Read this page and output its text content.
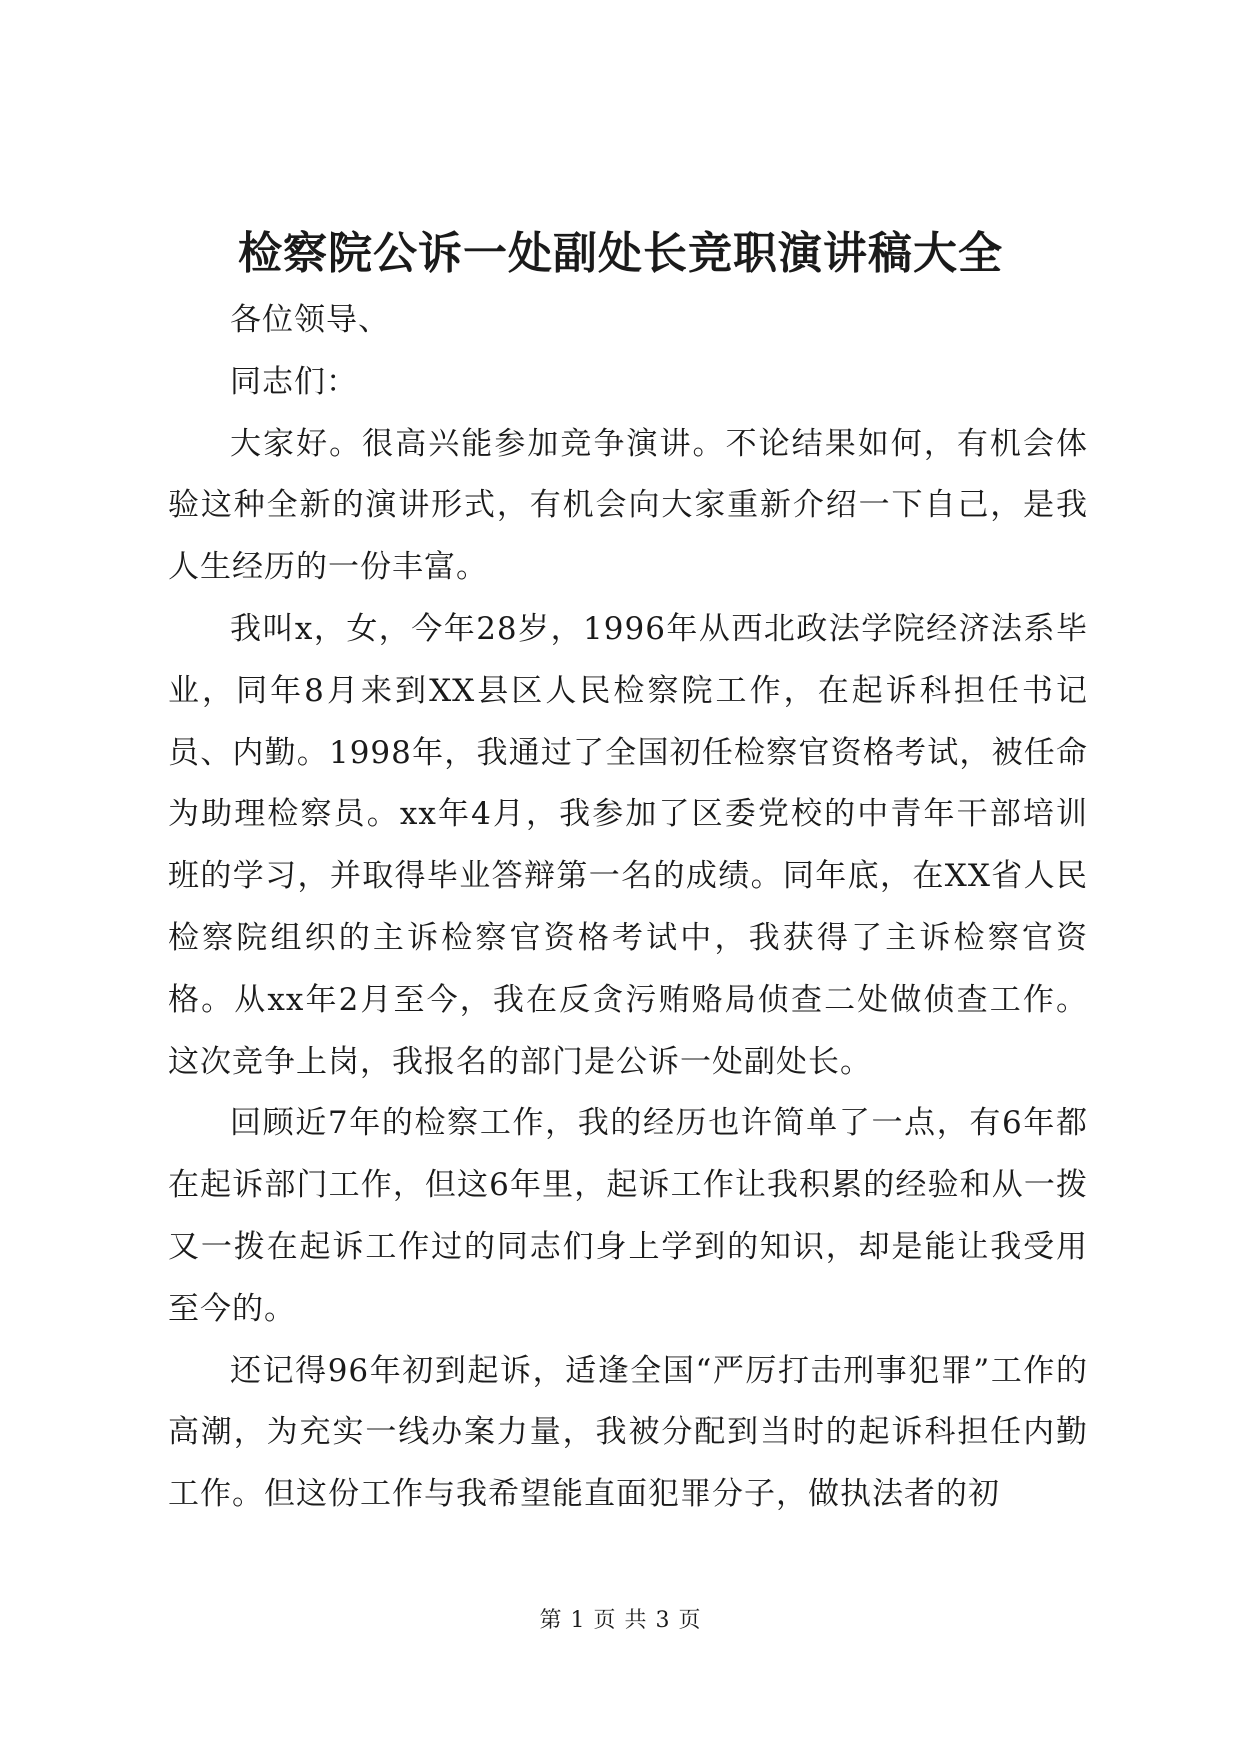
检察院公诉一处副处长竞职演讲稿大全

各位领导、

同志们：

大家好。很高兴能参加竞争演讲。不论结果如何，有机会体验这种全新的演讲形式，有机会向大家重新介绍一下自己，是我人生经历的一份丰富。

我叫x，女，今年28岁，1996年从西北政法学院经济法系毕业，同年8月来到XX县区人民检察院工作，在起诉科担任书记员、内勤。1998年，我通过了全国初任检察官资格考试，被任命为助理检察员。xx年4月，我参加了区委党校的中青年干部培训班的学习，并取得毕业答辩第一名的成绩。同年底，在XX省人民检察院组织的主诉检察官资格考试中，我获得了主诉检察官资格。从xx年2月至今，我在反贪污贿赂局侦查二处做侦查工作。这次竞争上岗，我报名的部门是公诉一处副处长。

回顾近7年的检察工作，我的经历也许简单了一点，有6年都在起诉部门工作，但这6年里，起诉工作让我积累的经验和从一拨又一拨在起诉工作过的同志们身上学到的知识，却是能让我受用至今的。

还记得96年初到起诉，适逢全国“严厉打击刑事犯罪”工作的高潮，为充实一线办案力量，我被分配到当时的起诉科担任内勤工作。但这份工作与我希望能直面犯罪分子，做执法者的初

第 1 页 共 3 页
